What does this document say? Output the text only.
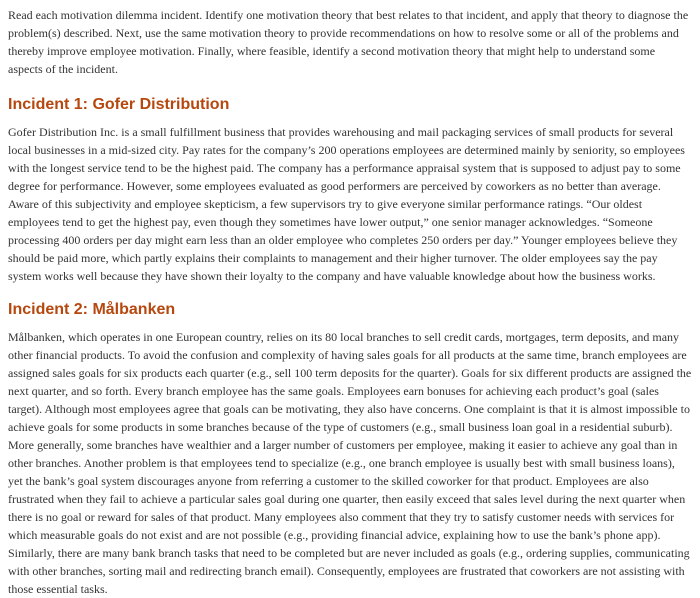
Read each motivation dilemma incident. Identify one motivation theory that best relates to that incident, and apply that theory to diagnose the problem(s) described. Next, use the same motivation theory to provide recommendations on how to resolve some or all of the problems and thereby improve employee motivation. Finally, where feasible, identify a second motivation theory that might help to understand some aspects of the incident.

Incident 1: Gofer Distribution

Gofer Distribution Inc. is a small fulfillment business that provides warehousing and mail packaging services of small products for several local businesses in a mid-sized city. Pay rates for the company’s 200 operations employees are determined mainly by seniority, so employees with the longest service tend to be the highest paid. The company has a performance appraisal system that is supposed to adjust pay to some degree for performance. However, some employees evaluated as good performers are perceived by coworkers as no better than average. Aware of this subjectivity and employee skepticism, a few supervisors try to give everyone similar performance ratings. “Our oldest employees tend to get the highest pay, even though they sometimes have lower output,” one senior manager acknowledges. “Someone processing 400 orders per day might earn less than an older employee who completes 250 orders per day.” Younger employees believe they should be paid more, which partly explains their complaints to management and their higher turnover. The older employees say the pay system works well because they have shown their loyalty to the company and have valuable knowledge about how the business works.

Incident 2: Målbanken

Målbanken, which operates in one European country, relies on its 80 local branches to sell credit cards, mortgages, term deposits, and many other financial products. To avoid the confusion and complexity of having sales goals for all products at the same time, branch employees are assigned sales goals for six products each quarter (e.g., sell 100 term deposits for the quarter). Goals for six different products are assigned the next quarter, and so forth. Every branch employee has the same goals. Employees earn bonuses for achieving each product’s goal (sales target). Although most employees agree that goals can be motivating, they also have concerns. One complaint is that it is almost impossible to achieve goals for some products in some branches because of the type of customers (e.g., small business loan goal in a residential suburb). More generally, some branches have wealthier and a larger number of customers per employee, making it easier to achieve any goal than in other branches. Another problem is that employees tend to specialize (e.g., one branch employee is usually best with small business loans), yet the bank’s goal system discourages anyone from referring a customer to the skilled coworker for that product. Employees are also frustrated when they fail to achieve a particular sales goal during one quarter, then easily exceed that sales level during the next quarter when there is no goal or reward for sales of that product. Many employees also comment that they try to satisfy customer needs with services for which measurable goals do not exist and are not possible (e.g., providing financial advice, explaining how to use the bank’s phone app). Similarly, there are many bank branch tasks that need to be completed but are never included as goals (e.g., ordering supplies, communicating with other branches, sorting mail and redirecting branch email). Consequently, employees are frustrated that coworkers are not assisting with those essential tasks.
